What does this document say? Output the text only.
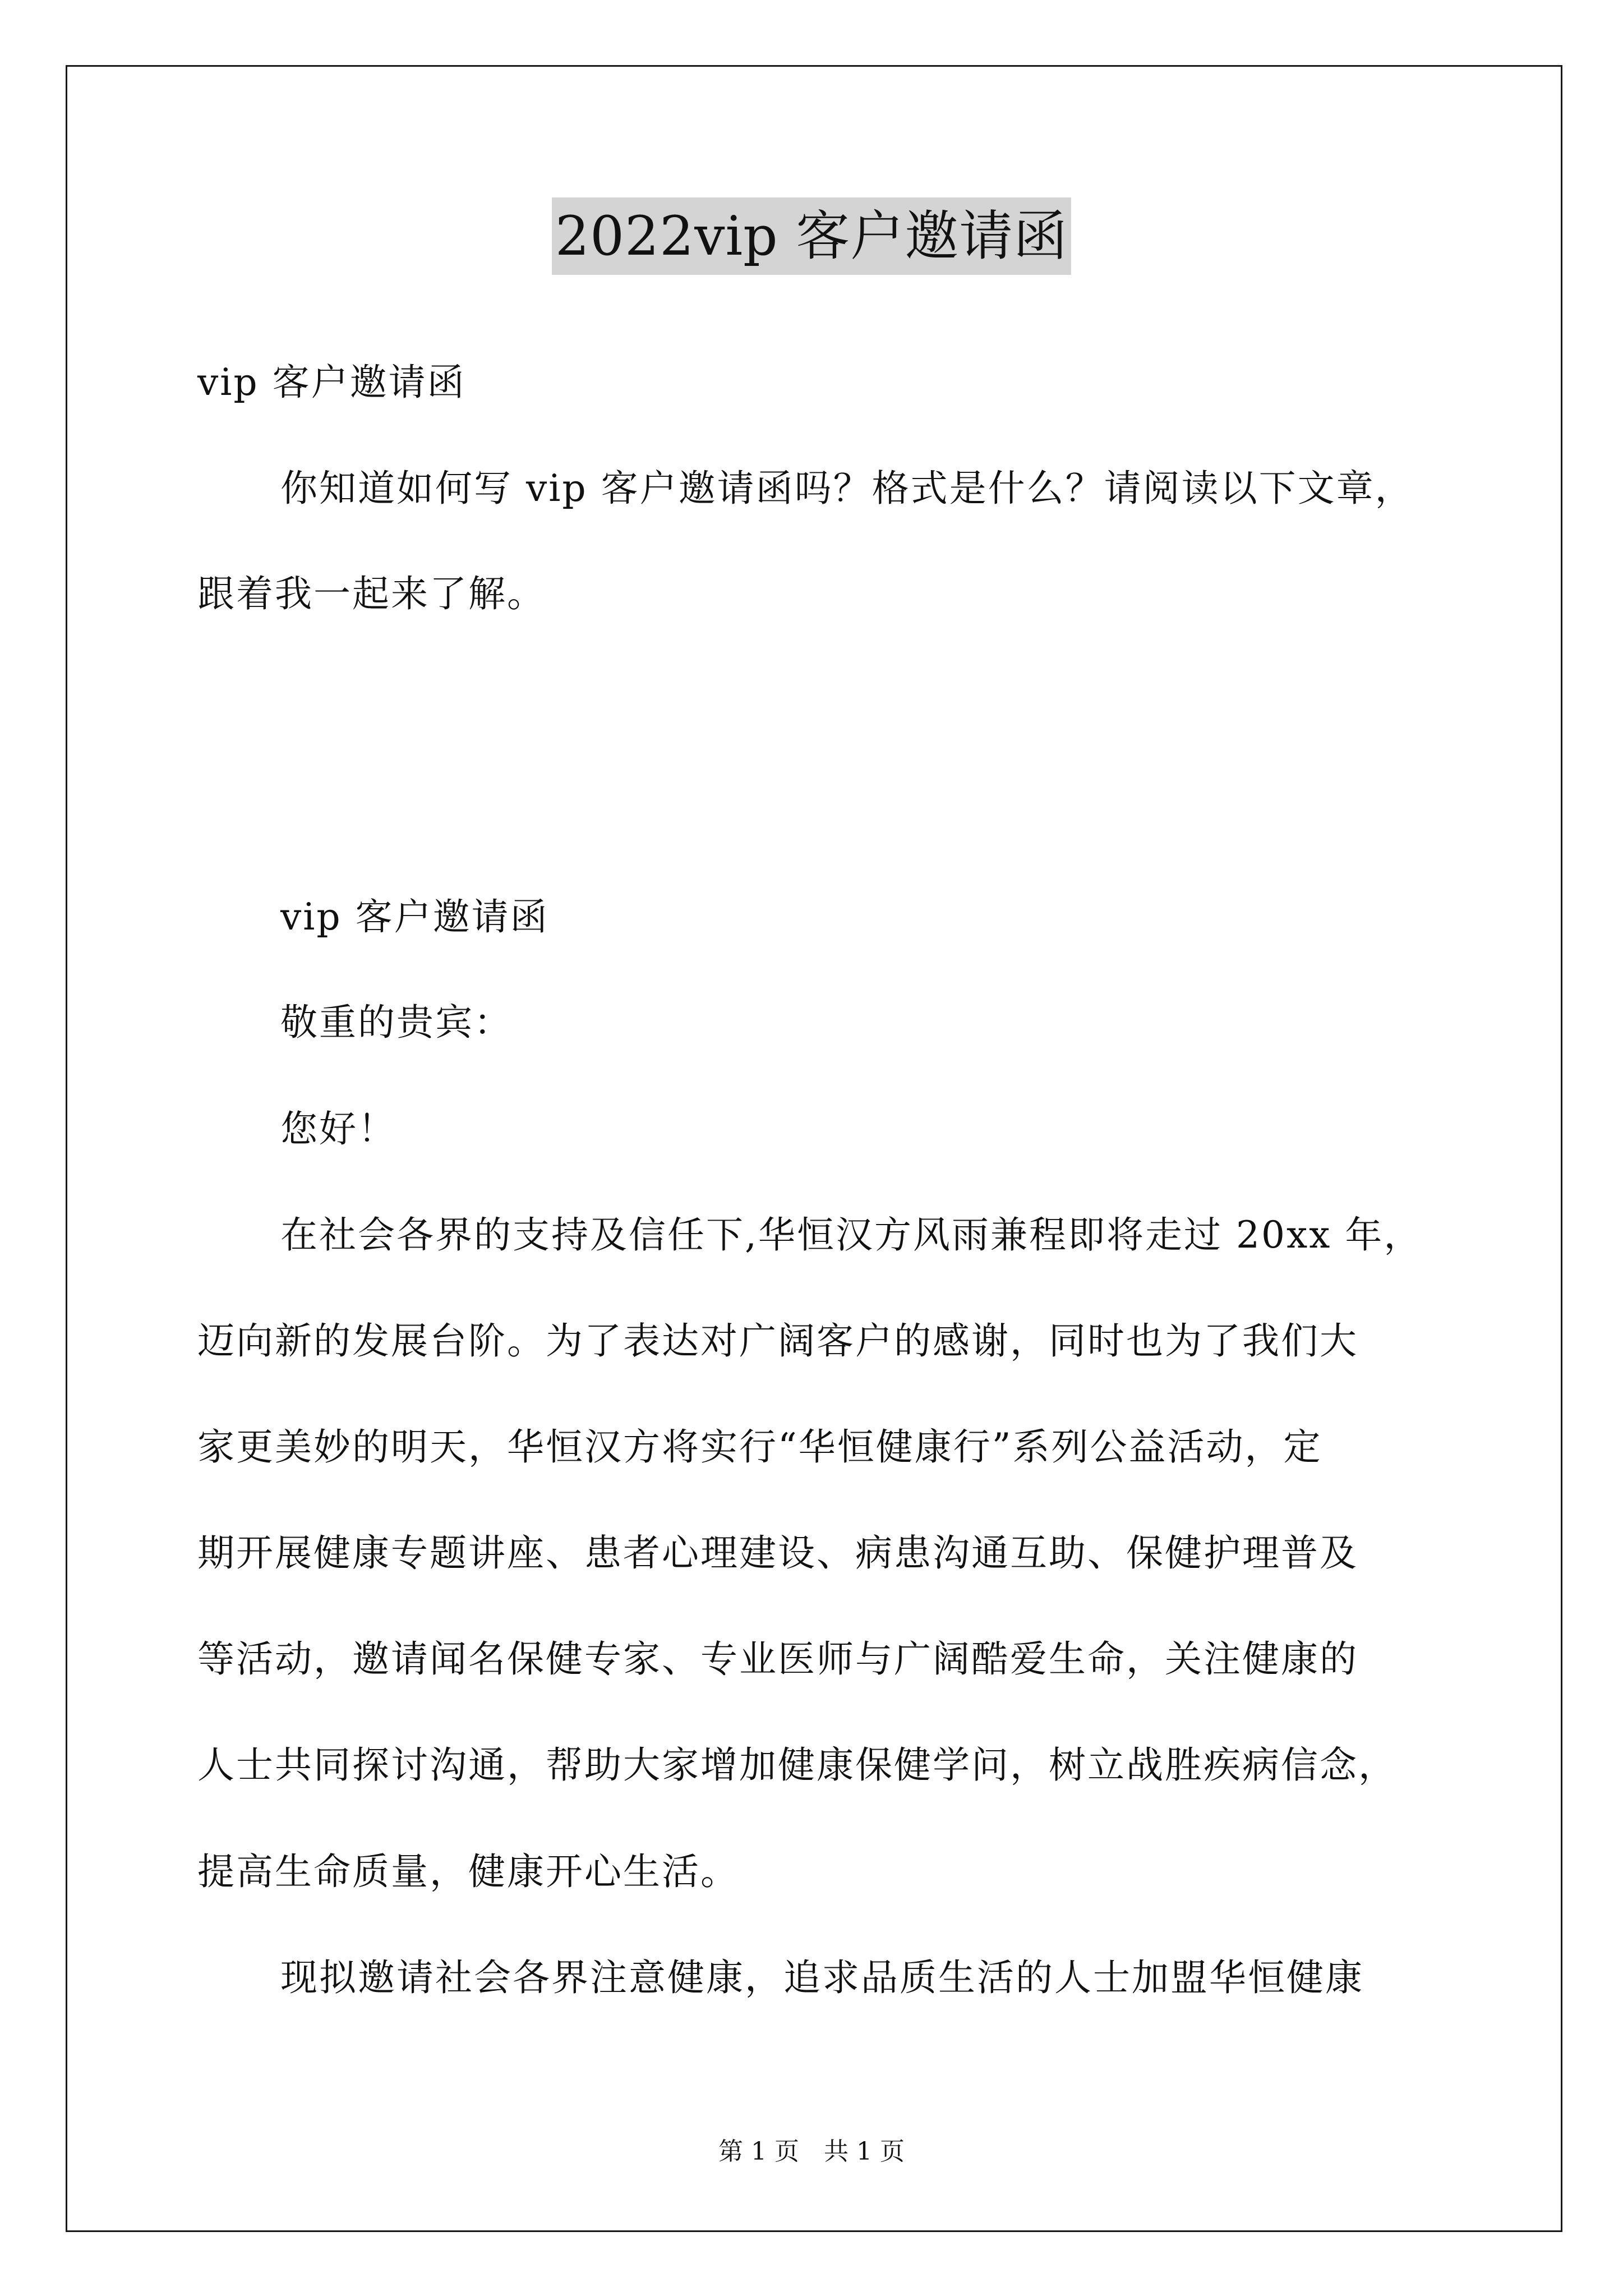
2022vip 客户邀请函
vip 客户邀请函
你知道如何写 vip 客户邀请函吗？格式是什么？请阅读以下文章，
跟着我一起来了解。
vip 客户邀请函
敬重的贵宾：
您好！
在社会各界的支持及信任下,华恒汉方风雨兼程即将走过 20xx 年，
迈向新的发展台阶。为了表达对广阔客户的感谢，同时也为了我们大
家更美妙的明天，华恒汉方将实行“华恒健康行”系列公益活动，定
期开展健康专题讲座、患者心理建设、病患沟通互助、保健护理普及
等活动，邀请闻名保健专家、专业医师与广阔酷爱生命，关注健康的
人士共同探讨沟通，帮助大家增加健康保健学问，树立战胜疾病信念，
提高生命质量，健康开心生活。
现拟邀请社会各界注意健康，追求品质生活的人士加盟华恒健康
第 1 页　共 1 页
